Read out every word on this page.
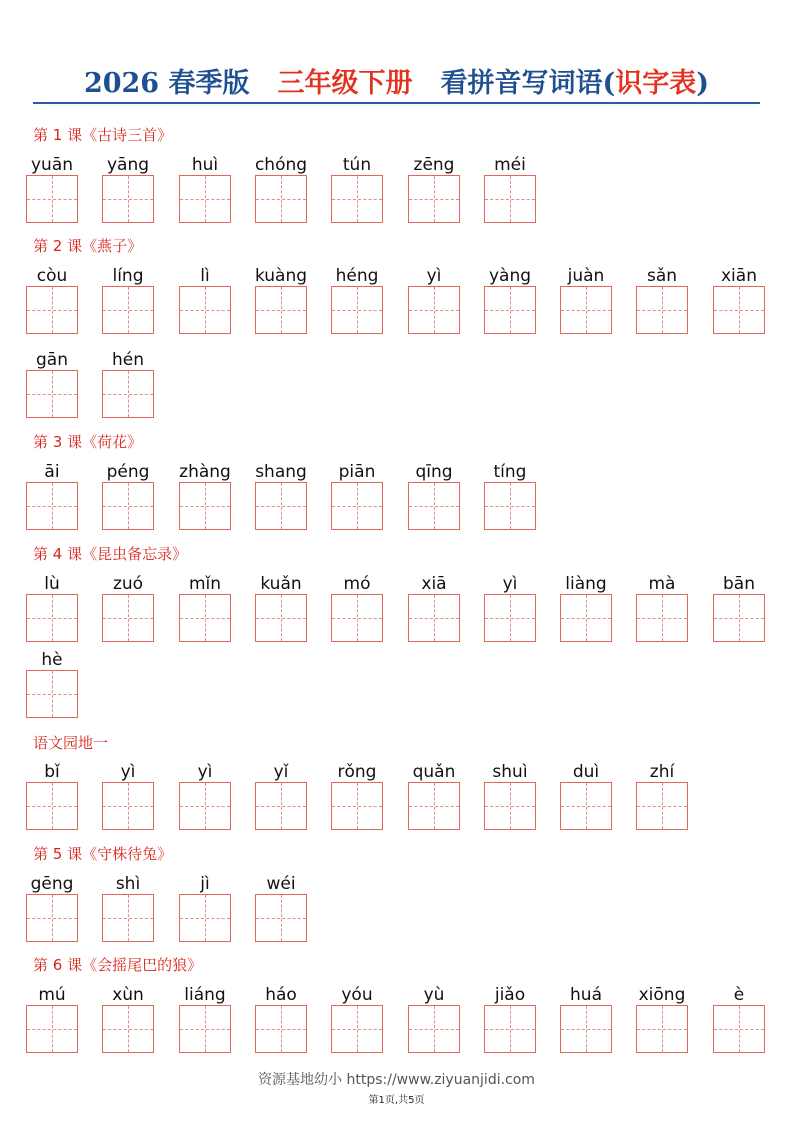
2026 春季版 三年级下册 看拼音写词语(识字表)
第 1 课《古诗三首》
yuān	yāng	huì	chóng	tún	zēng	méi
第 2 课《燕子》
còu	líng	lì	kuàng	héng	yì	yàng	juàn	sǎn	xiān
gān	hén
第 3 课《荷花》
āi	péng	zhàng	shang	piān	qīng	tíng
第 4 课《昆虫备忘录》
lù	zuó	mǐn	kuǎn	mó	xiā	yì	liàng	mà	bān
hè
语文园地一
bǐ	yì	yì	yǐ	rǒng	quǎn	shuì	duì	zhí
第 5 课《守株待兔》
gēng	shì	jì	wéi
第 6 课《会摇尾巴的狼》
mú	xùn	liáng	háo	yóu	yù	jiǎo	huá	xiōng	è
资源基地幼小 https://www.ziyuanjidi.com
第1页,共5页
